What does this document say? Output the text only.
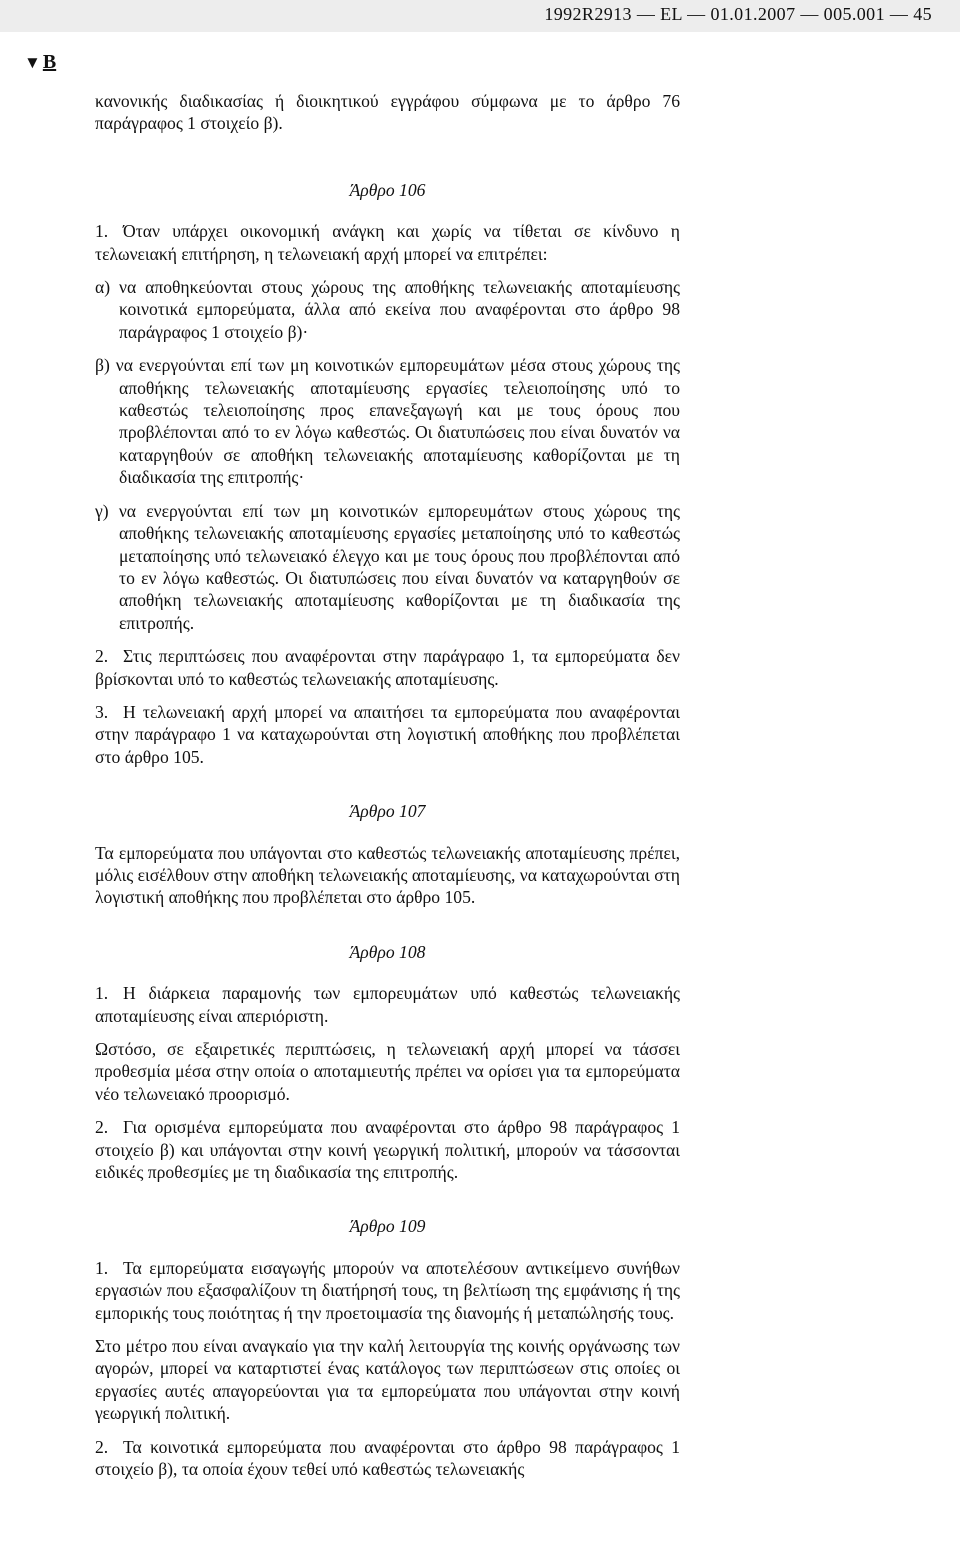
1992R2913 — EL — 01.01.2007 — 005.001 — 45
▼ B

κανονικής διαδικασίας ή διοικητικού εγγράφου σύμφωνα με το άρθρο 76 παράγραφος 1 στοιχείο β).

Άρθρο 106

1. Όταν υπάρχει οικονομική ανάγκη και χωρίς να τίθεται σε κίνδυνο η τελωνειακή επιτήρηση, η τελωνειακή αρχή μπορεί να επιτρέπει:

α) να αποθηκεύονται στους χώρους της αποθήκης τελωνειακής αποταμίευσης κοινοτικά εμπορεύματα, άλλα από εκείνα που αναφέρονται στο άρθρο 98 παράγραφος 1 στοιχείο β)·

β) να ενεργούνται επί των μη κοινοτικών εμπορευμάτων μέσα στους χώρους της αποθήκης τελωνειακής αποταμίευσης εργασίες τελειοποίησης υπό το καθεστώς τελειοποίησης προς επανεξαγωγή και με τους όρους που προβλέπονται από το εν λόγω καθεστώς. Οι διατυπώσεις που είναι δυνατόν να καταργηθούν σε αποθήκη τελωνειακής αποταμίευσης καθορίζονται με τη διαδικασία της επιτροπής·

γ) να ενεργούνται επί των μη κοινοτικών εμπορευμάτων στους χώρους της αποθήκης τελωνειακής αποταμίευσης εργασίες μεταποίησης υπό το καθεστώς μεταποίησης υπό τελωνειακό έλεγχο και με τους όρους που προβλέπονται από το εν λόγω καθεστώς. Οι διατυπώσεις που είναι δυνατόν να καταργηθούν σε αποθήκη τελωνειακής αποταμίευσης καθορίζονται με τη διαδικασία της επιτροπής.

2. Στις περιπτώσεις που αναφέρονται στην παράγραφο 1, τα εμπορεύματα δεν βρίσκονται υπό το καθεστώς τελωνειακής αποταμίευσης.

3. Η τελωνειακή αρχή μπορεί να απαιτήσει τα εμπορεύματα που αναφέρονται στην παράγραφο 1 να καταχωρούνται στη λογιστική αποθήκης που προβλέπεται στο άρθρο 105.

Άρθρο 107

Τα εμπορεύματα που υπάγονται στο καθεστώς τελωνειακής αποταμίευσης πρέπει, μόλις εισέλθουν στην αποθήκη τελωνειακής αποταμίευσης, να καταχωρούνται στη λογιστική αποθήκης που προβλέπεται στο άρθρο 105.

Άρθρο 108

1. Η διάρκεια παραμονής των εμπορευμάτων υπό καθεστώς τελωνειακής αποταμίευσης είναι απεριόριστη.

Ωστόσο, σε εξαιρετικές περιπτώσεις, η τελωνειακή αρχή μπορεί να τάσσει προθεσμία μέσα στην οποία ο αποταμιευτής πρέπει να ορίσει για τα εμπορεύματα νέο τελωνειακό προορισμό.

2. Για ορισμένα εμπορεύματα που αναφέρονται στο άρθρο 98 παράγραφος 1 στοιχείο β) και υπάγονται στην κοινή γεωργική πολιτική, μπορούν να τάσσονται ειδικές προθεσμίες με τη διαδικασία της επιτροπής.

Άρθρο 109

1. Τα εμπορεύματα εισαγωγής μπορούν να αποτελέσουν αντικείμενο συνήθων εργασιών που εξασφαλίζουν τη διατήρησή τους, τη βελτίωση της εμφάνισης ή της εμπορικής τους ποιότητας ή την προετοιμασία της διανομής ή μεταπώλησής τους.

Στο μέτρο που είναι αναγκαίο για την καλή λειτουργία της κοινής οργάνωσης των αγορών, μπορεί να καταρτιστεί ένας κατάλογος των περιπτώσεων στις οποίες οι εργασίες αυτές απαγορεύονται για τα εμπορεύματα που υπάγονται στην κοινή γεωργική πολιτική.

2. Τα κοινοτικά εμπορεύματα που αναφέρονται στο άρθρο 98 παράγραφος 1 στοιχείο β), τα οποία έχουν τεθεί υπό καθεστώς τελωνειακής
